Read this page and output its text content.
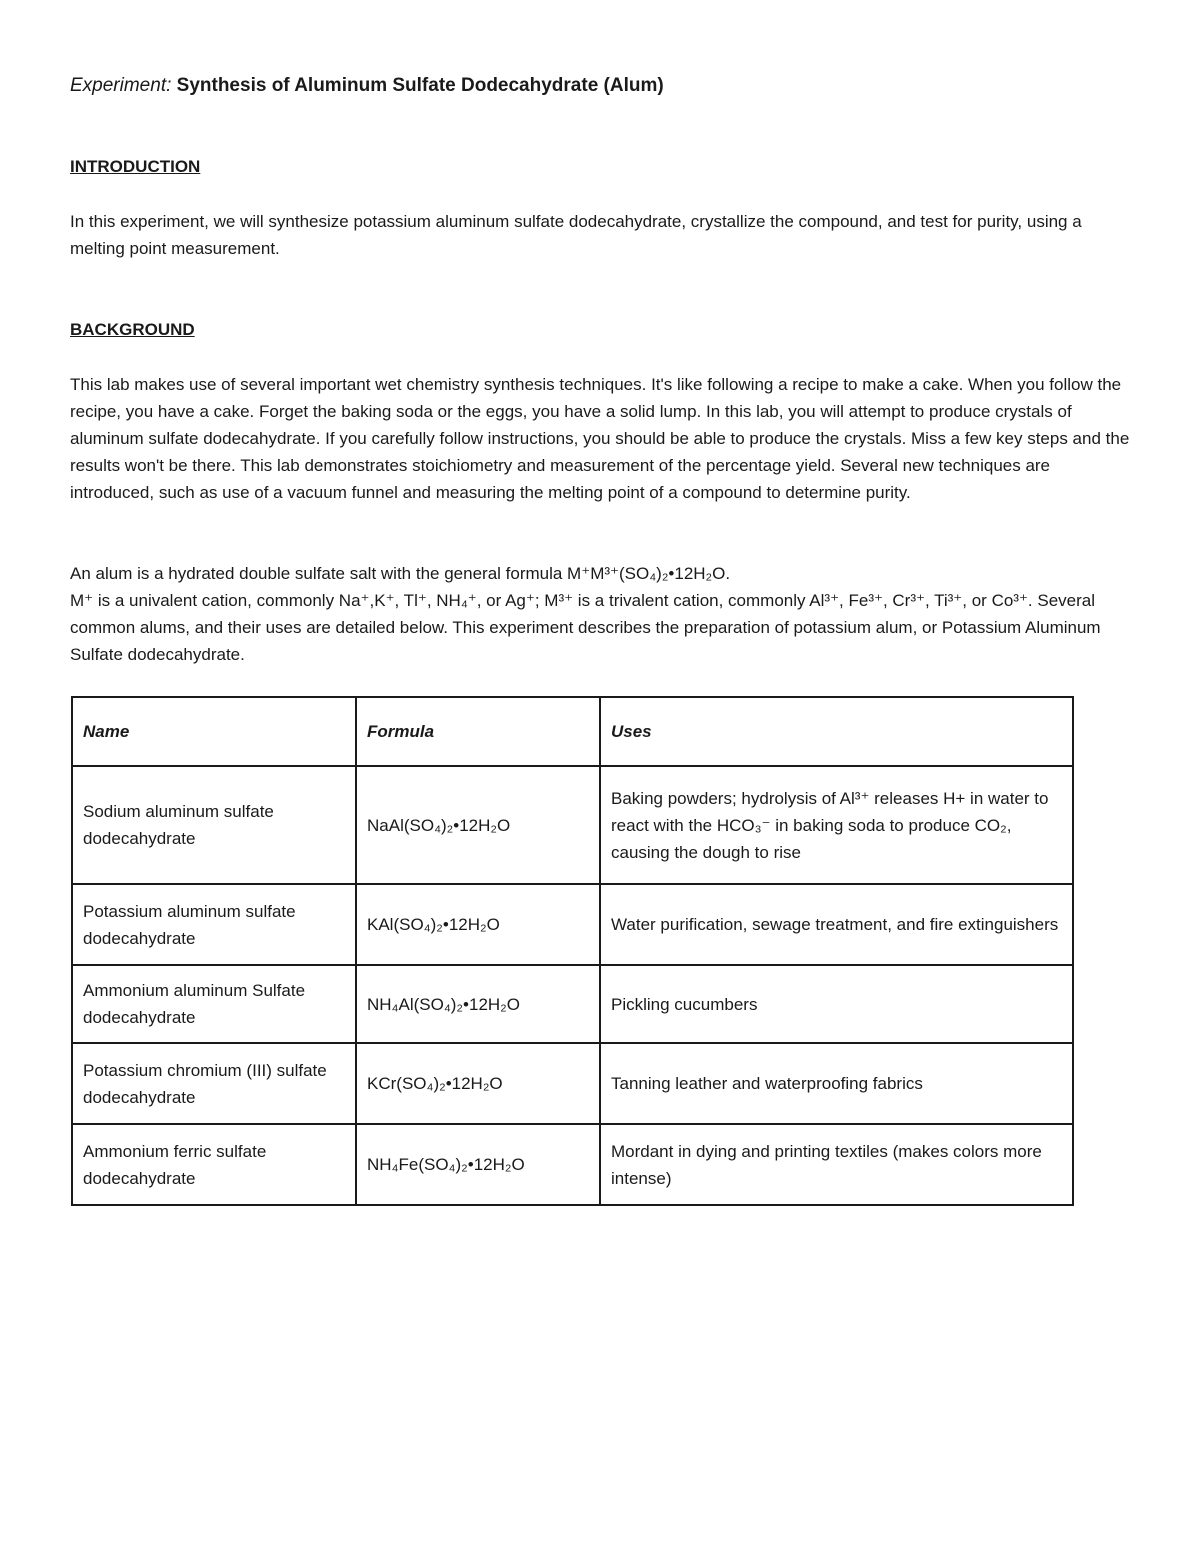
Experiment: Synthesis of Aluminum Sulfate Dodecahydrate (Alum)
INTRODUCTION
In this experiment, we will synthesize potassium aluminum sulfate dodecahydrate, crystallize the compound, and test for purity, using a melting point measurement.
BACKGROUND
This lab makes use of several important wet chemistry synthesis techniques. It's like following a recipe to make a cake. When you follow the recipe, you have a cake. Forget the baking soda or the eggs, you have a solid lump. In this lab, you will attempt to produce crystals of aluminum sulfate dodecahydrate. If you carefully follow instructions, you should be able to produce the crystals. Miss a few key steps and the results won't be there. This lab demonstrates stoichiometry and measurement of the percentage yield. Several new techniques are introduced, such as use of a vacuum funnel and measuring the melting point of a compound to determine purity.

An alum is a hydrated double sulfate salt with the general formula M⁺M³⁺(SO₄)₂•12H₂O.

M⁺ is a univalent cation, commonly Na⁺,K⁺, Tl⁺, NH₄⁺, or Ag⁺; M³⁺ is a trivalent cation, commonly Al³⁺, Fe³⁺, Cr³⁺, Ti³⁺, or Co³⁺. Several common alums, and their uses are detailed below. This experiment describes the preparation of potassium alum, or Potassium Aluminum Sulfate dodecahydrate.

Name	Formula	Uses
Sodium aluminum sulfate dodecahydrate	NaAl(SO₄)₂•12H₂O	Baking powders; hydrolysis of Al³⁺ releases H+ in water to react with the HCO₃⁻ in baking soda to produce CO₂, causing the dough to rise
Potassium aluminum sulfate dodecahydrate	KAl(SO₄)₂•12H₂O	Water purification, sewage treatment, and fire extinguishers
Ammonium aluminum Sulfate dodecahydrate	NH₄Al(SO₄)₂•12H₂O	Pickling cucumbers
Potassium chromium (III) sulfate dodecahydrate	KCr(SO₄)₂•12H₂O	Tanning leather and waterproofing fabrics
Ammonium ferric sulfate dodecahydrate	NH₄Fe(SO₄)₂•12H₂O	Mordant in dying and printing textiles (makes colors more intense)
